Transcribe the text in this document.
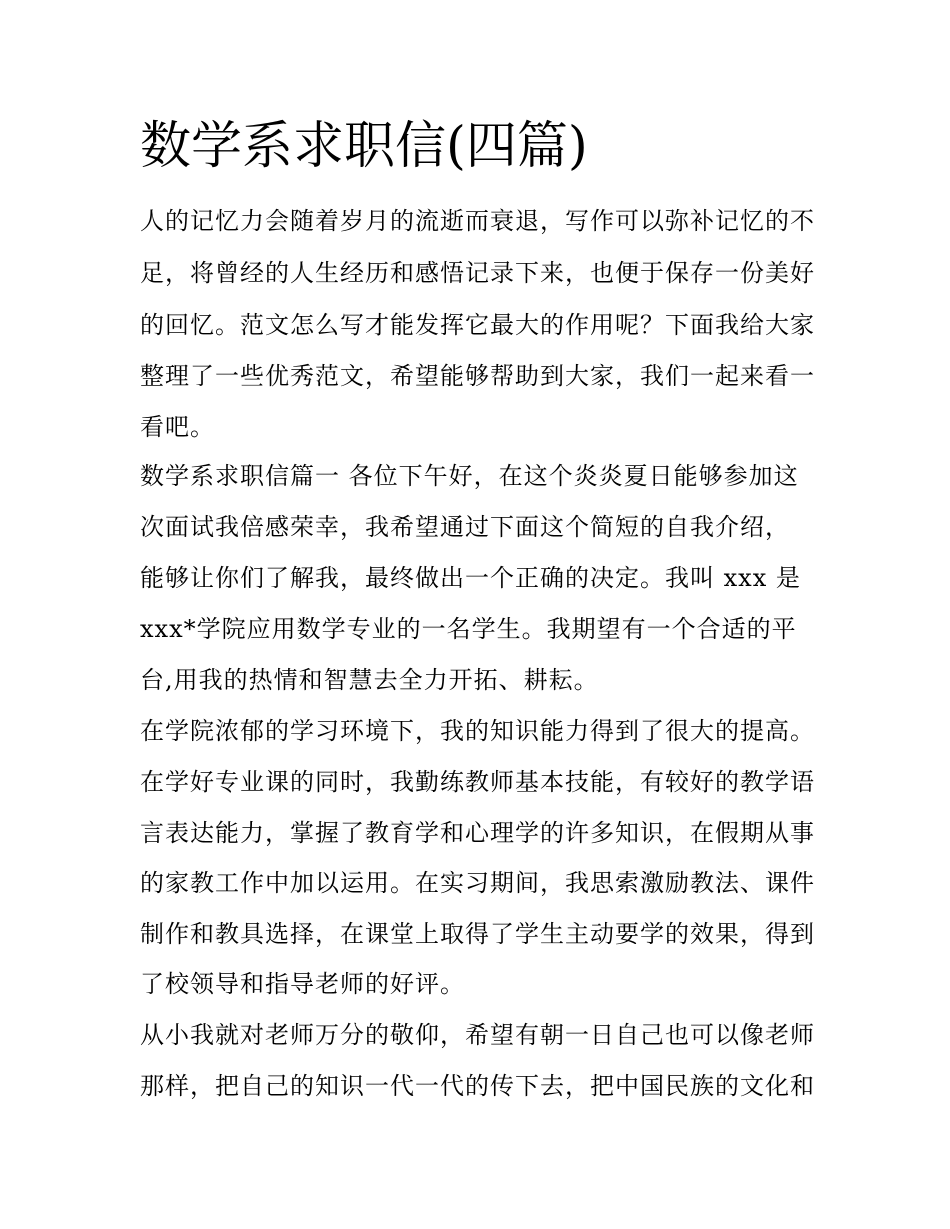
数学系求职信(四篇)

人的记忆力会随着岁月的流逝而衰退，写作可以弥补记忆的不

足，将曾经的人生经历和感悟记录下来，也便于保存一份美好

的回忆。范文怎么写才能发挥它最大的作用呢？下面我给大家

整理了一些优秀范文，希望能够帮助到大家，我们一起来看一

看吧。

数学系求职信篇一 各位下午好，在这个炎炎夏日能够参加这

次面试我倍感荣幸，我希望通过下面这个简短的自我介绍，

能够让你们了解我，最终做出一个正确的决定。我叫 xxx 是

xxx*学院应用数学专业的一名学生。我期望有一个合适的平

台,用我的热情和智慧去全力开拓、耕耘。

在学院浓郁的学习环境下，我的知识能力得到了很大的提高。

在学好专业课的同时，我勤练教师基本技能，有较好的教学语

言表达能力，掌握了教育学和心理学的许多知识，在假期从事

的家教工作中加以运用。在实习期间，我思索激励教法、课件

制作和教具选择，在课堂上取得了学生主动要学的效果，得到

了校领导和指导老师的好评。

从小我就对老师万分的敬仰，希望有朝一日自己也可以像老师

那样，把自己的知识一代一代的传下去，把中国民族的文化和
